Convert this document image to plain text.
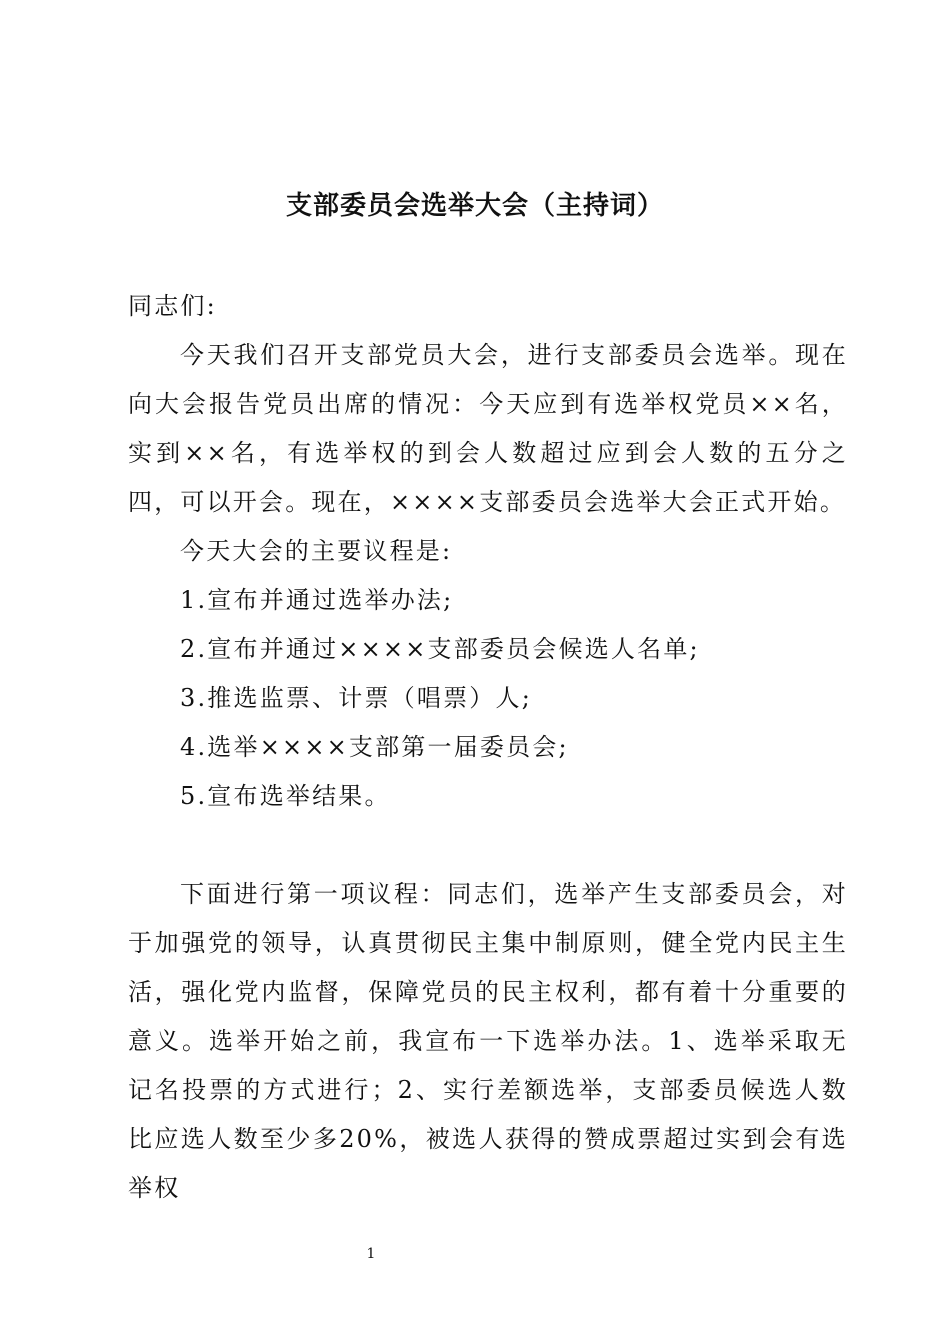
支部委员会选举大会（主持词）

同志们:

今天我们召开支部党员大会，进行支部委员会选举。现在向大会报告党员出席的情况：今天应到有选举权党员××名，实到××名，有选举权的到会人数超过应到会人数的五分之四，可以开会。现在，××××支部委员会选举大会正式开始。

今天大会的主要议程是:

1.宣布并通过选举办法;

2.宣布并通过××××支部委员会候选人名单;

3.推选监票、计票（唱票）人;

4.选举××××支部第一届委员会;

5.宣布选举结果。

下面进行第一项议程：同志们，选举产生支部委员会，对于加强党的领导，认真贯彻民主集中制原则，健全党内民主生活，强化党内监督，保障党员的民主权利，都有着十分重要的意义。选举开始之前，我宣布一下选举办法。1、选举采取无记名投票的方式进行；2、实行差额选举，支部委员候选人数比应选人数至少多20%，被选人获得的赞成票超过实到会有选举权

1
